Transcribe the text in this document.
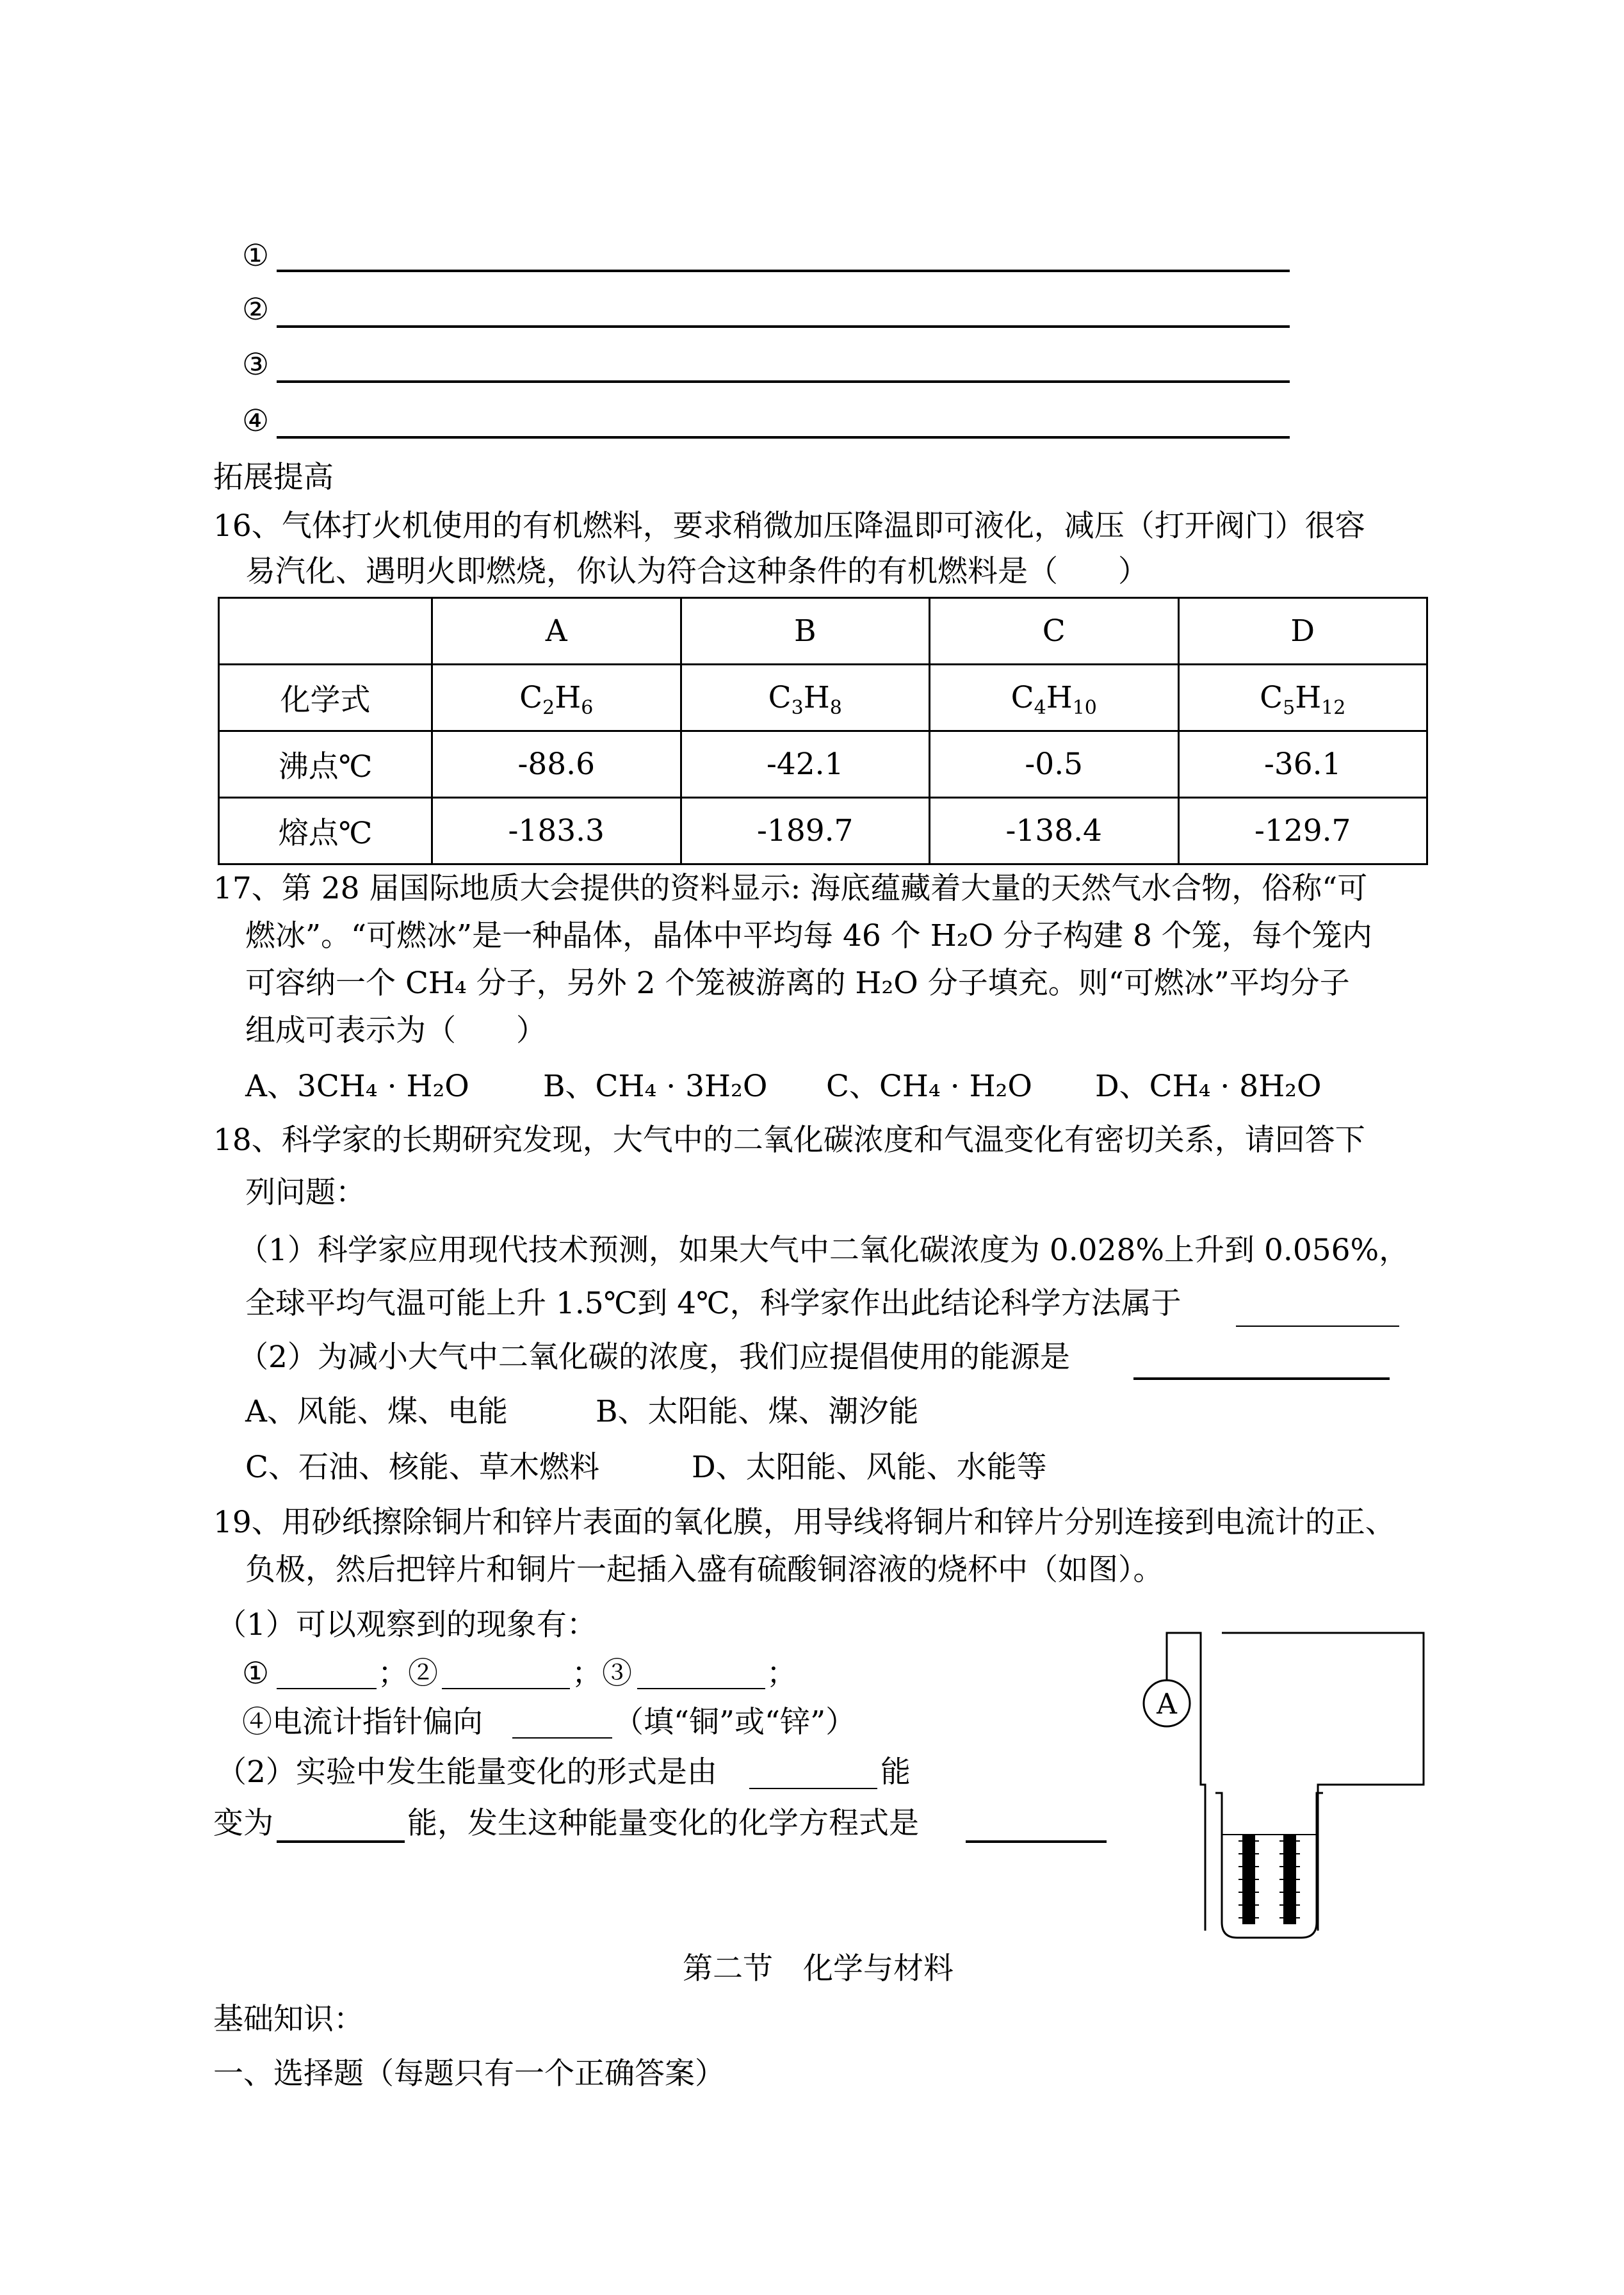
①
②
③
④
拓展提高
16、气体打火机使用的有机燃料，要求稍微加压降温即可液化，减压（打开阀门）很容
易汽化、遇明火即燃烧，你认为符合这种条件的有机燃料是（　　）
	A	B	C	D
化学式	$C_2H_6$	$C_3H_8$	$C_4H_{10}$	$C_5H_{12}$
沸点℃	-88.6	-42.1	-0.5	-36.1
熔点℃	-183.3	-189.7	-138.4	-129.7
17、第 28 届国际地质大会提供的资料显示: 海底蕴藏着大量的天然气水合物，俗称“可
燃冰”。“可燃冰”是一种晶体，晶体中平均每 46 个 H₂O 分子构建 8 个笼，每个笼内
可容纳一个 CH₄ 分子，另外 2 个笼被游离的 H₂O 分子填充。则“可燃冰”平均分子
组成可表示为（　　）
A、3CH₄ · H₂O B、CH₄ · 3H₂O C、CH₄ · H₂O D、CH₄ · 8H₂O
18、科学家的长期研究发现，大气中的二氧化碳浓度和气温变化有密切关系，请回答下
列问题：
（1）科学家应用现代技术预测，如果大气中二氧化碳浓度为 0.028%上升到 0.056%，
全球平均气温可能上升 1.5℃到 4℃，科学家作出此结论科学方法属于
（2）为减小大气中二氧化碳的浓度，我们应提倡使用的能源是
A、风能、煤、电能	B、太阳能、煤、潮汐能
C、石油、核能、草木燃料	D、太阳能、风能、水能等
19、用砂纸擦除铜片和锌片表面的氧化膜，用导线将铜片和锌片分别连接到电流计的正、
负极，然后把锌片和铜片一起插入盛有硫酸铜溶液的烧杯中（如图）。
（1）可以观察到的现象有：
①	；②	；③	；
④电流计指针偏向	（填“铜”或“锌”）
（2）实验中发生能量变化的形式是由	能
变为	能，发生这种能量变化的化学方程式是
A
第二节　化学与材料
基础知识：
一、选择题（每题只有一个正确答案）
